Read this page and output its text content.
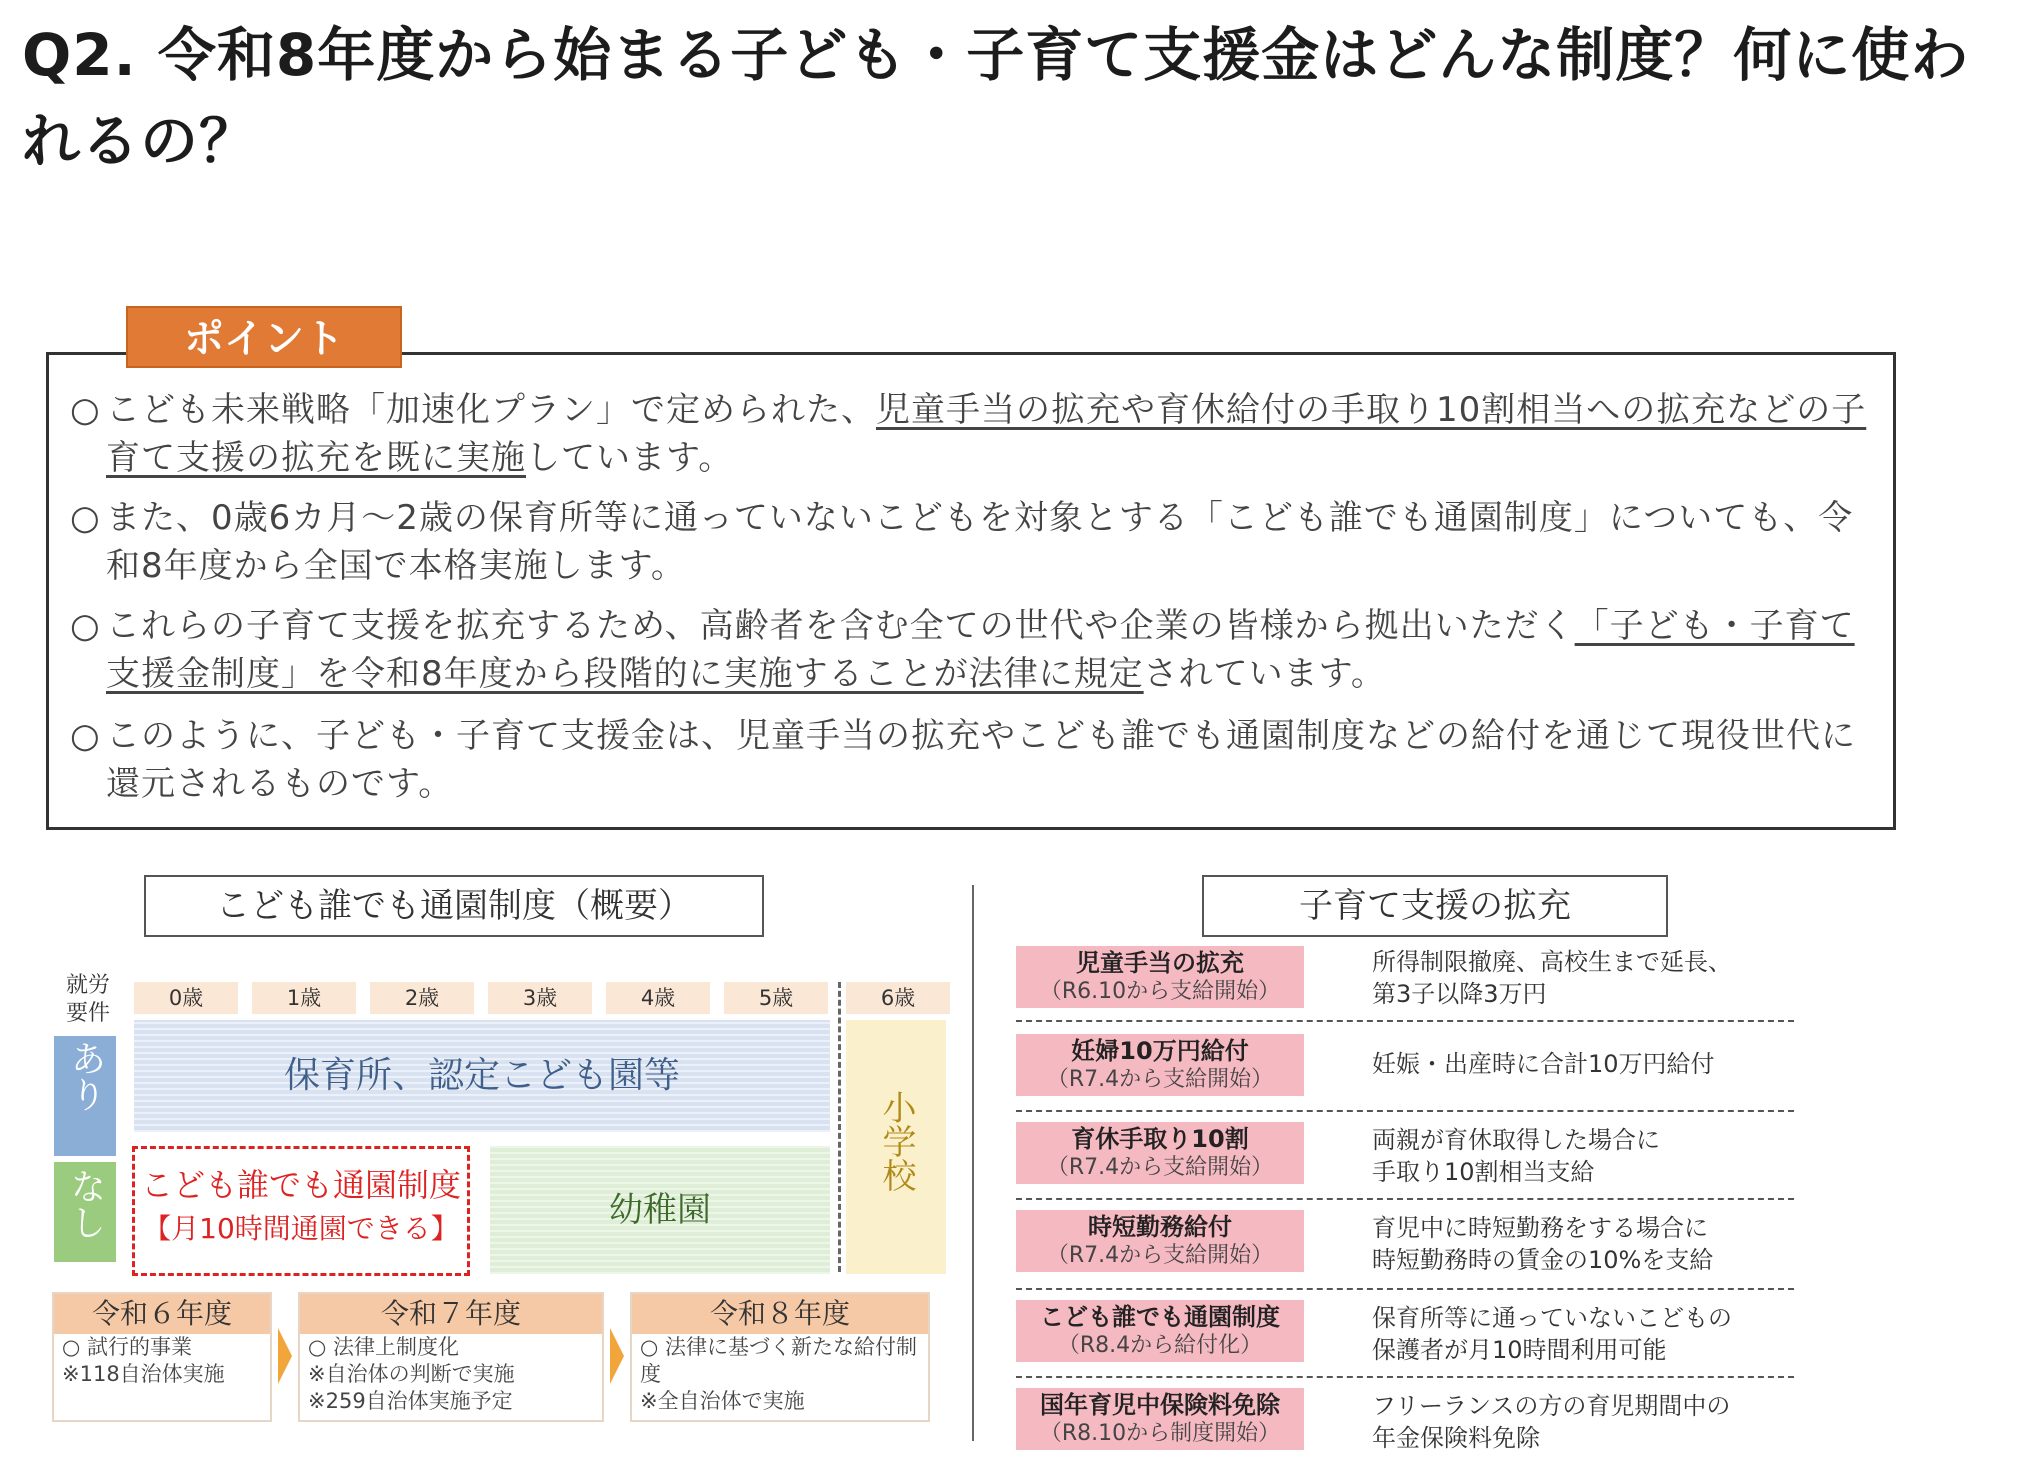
Q2. 令和8年度から始まる子ども・子育て支援金はどんな制度？何に使われるの？
ポイント
○ こども未来戦略「加速化プラン」で定められた、児童手当の拡充や育休給付の手取り10割相当への拡充などの子育て支援の拡充を既に実施しています。
○ また、0歳6カ月～2歳の保育所等に通っていないこどもを対象とする「こども誰でも通園制度」についても、令和8年度から全国で本格実施します。
○ これらの子育て支援を拡充するため、高齢者を含む全ての世代や企業の皆様から拠出いただく「子ども・子育て支援金制度」を令和8年度から段階的に実施することが法律に規定されています。
○ このように、子ども・子育て支援金は、児童手当の拡充やこども誰でも通園制度などの給付を通じて現役世代に還元されるものです。
こども誰でも通園制度（概要）
就労要件
0歳	1歳	2歳	3歳	4歳	5歳	6歳
あり
なし
保育所、認定こども園等
こども誰でも通園制度
【月10時間通園できる】	幼稚園
小学校
令和６年度
○ 試行的事業
※118自治体実施
令和７年度
○ 法律上制度化
※自治体の判断で実施
※259自治体実施予定
令和８年度
○ 法律に基づく新たな給付制度
※全自治体で実施
子育て支援の拡充
児童手当の拡充
（R6.10から支給開始）
所得制限撤廃、高校生まで延長、
第3子以降3万円
妊婦10万円給付
（R7.4から支給開始）
妊娠・出産時に合計10万円給付
育休手取り10割
（R7.4から支給開始）
両親が育休取得した場合に
手取り10割相当支給
時短勤務給付
（R7.4から支給開始）
育児中に時短勤務をする場合に
時短勤務時の賃金の10%を支給
こども誰でも通園制度
（R8.4から給付化）
保育所等に通っていないこどもの
保護者が月10時間利用可能
国年育児中保険料免除
（R8.10から制度開始）
フリーランスの方の育児期間中の
年金保険料免除
